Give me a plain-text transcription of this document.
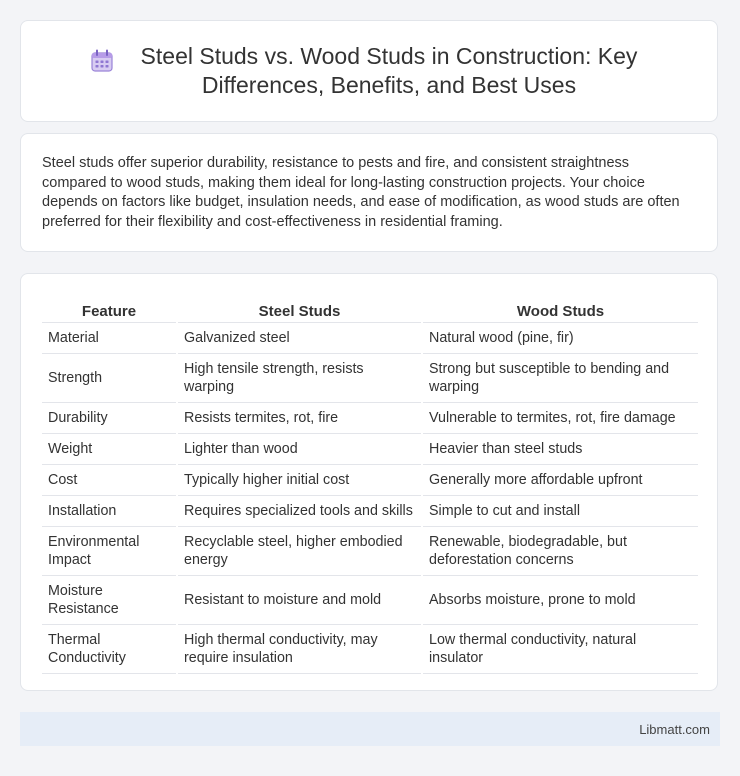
Steel Studs vs. Wood Studs in Construction: Key Differences, Benefits, and Best Uses

Steel studs offer superior durability, resistance to pests and fire, and consistent straightness compared to wood studs, making them ideal for long-lasting construction projects. Your choice depends on factors like budget, insulation needs, and ease of modification, as wood studs are often preferred for their flexibility and cost-effectiveness in residential framing.

Feature	Steel Studs	Wood Studs
Material	Galvanized steel	Natural wood (pine, fir)
Strength	High tensile strength, resists warping	Strong but susceptible to bending and warping
Durability	Resists termites, rot, fire	Vulnerable to termites, rot, fire damage
Weight	Lighter than wood	Heavier than steel studs
Cost	Typically higher initial cost	Generally more affordable upfront
Installation	Requires specialized tools and skills	Simple to cut and install
Environmental Impact	Recyclable steel, higher embodied energy	Renewable, biodegradable, but deforestation concerns
Moisture Resistance	Resistant to moisture and mold	Absorbs moisture, prone to mold
Thermal Conductivity	High thermal conductivity, may require insulation	Low thermal conductivity, natural insulator
Libmatt.com
